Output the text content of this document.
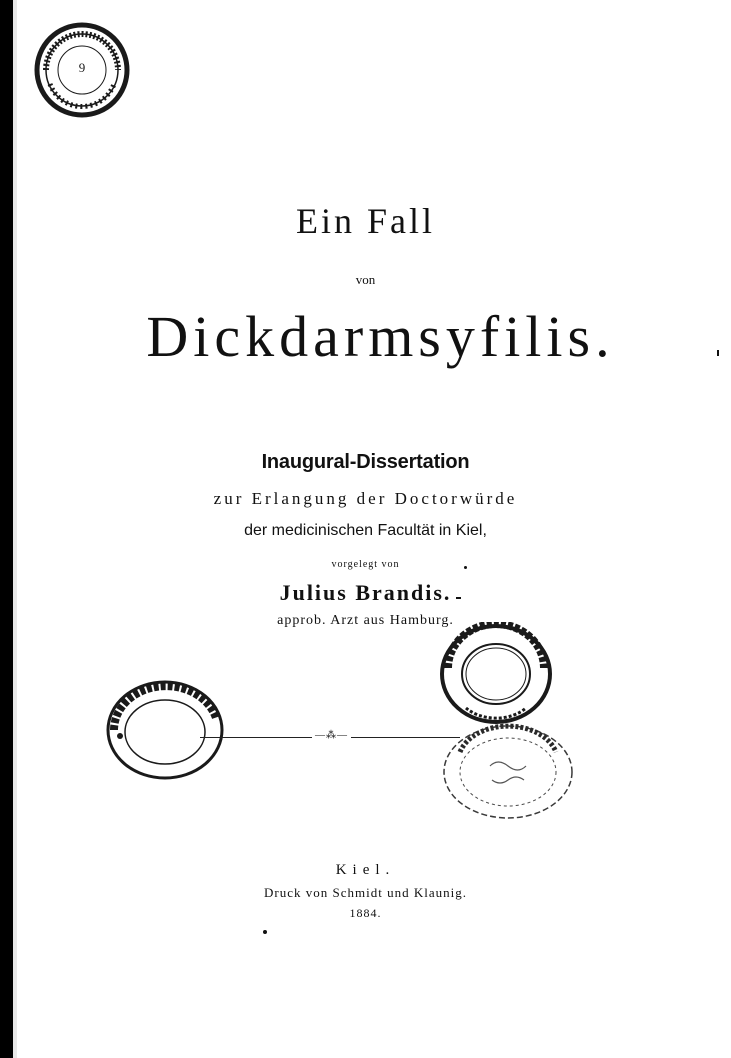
9
Ein Fall
von
Dickdarmsyfilis.
Inaugural-Dissertation
zur Erlangung der Doctorwürde
der medicinischen Facultät in Kiel,
vorgelegt von
Julius Brandis.
approb. Arzt aus Hamburg.
—⁂—
Kiel.
Druck von Schmidt und Klaunig.
1884.
